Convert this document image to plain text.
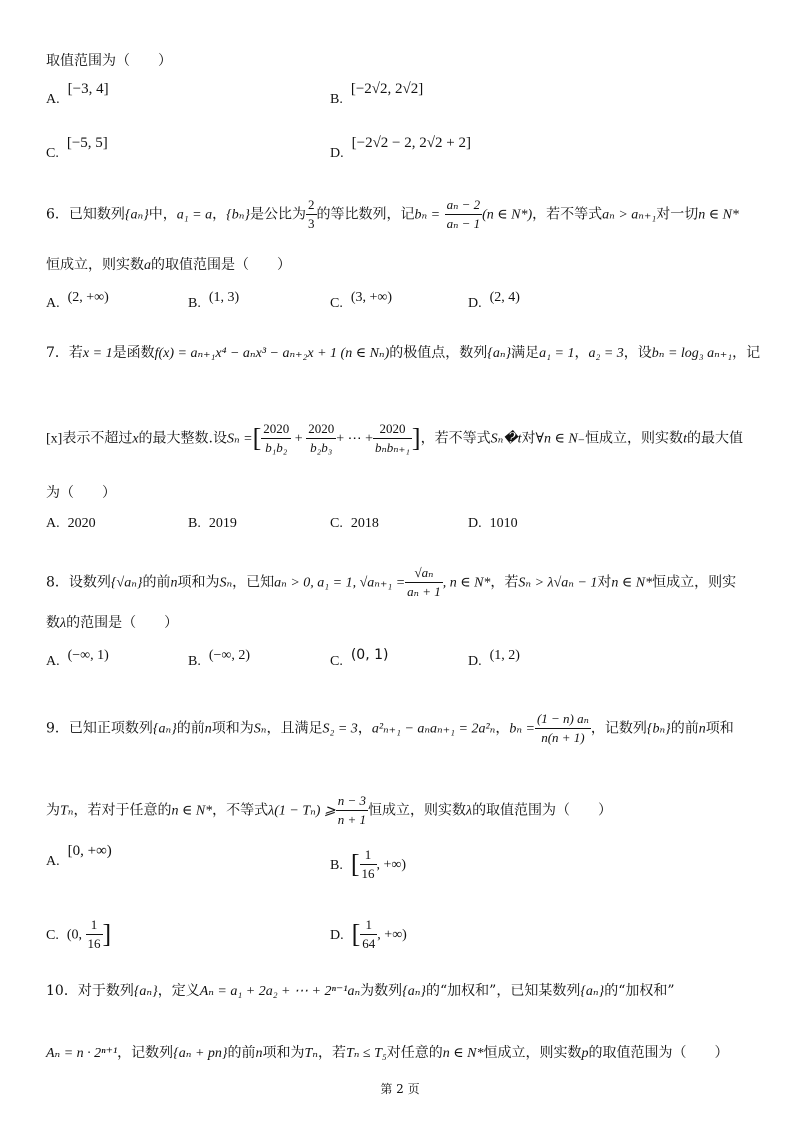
取值范围为（　　）
A.[−3, 4]
B.[−2√2, 2√2]
C.[−5, 5]
D.[−2√2 − 2, 2√2 + 2]
6．已知数列{aₙ}中，a₁ = a，{bₙ}是公比为 $\frac{2}{3}$ 的等比数列，记$b_n = \frac{\text{aₙ − 2}}{\text{aₙ − 1}} (n$ ∈ N*)，若不等式aₙ > aₙ₊₁对一切n ∈ N*
恒成立，则实数a的取值范围是（　　）
A. (2, +∞)	B. (1, 3)	C. (3, +∞)	D. (2, 4)
7．若x = 1是函数f(x) = aₙ₊₁x⁴ − aₙx³ − aₙ₊₂x + 1 (n ∈ Nₙ)的极值点，数列{aₙ}满足a₁ = 1，a₂ = 3，设bₙ = log₃ aₙ₊₁，记
[x]表示不超过x的最大整数.设Sₙ =[ $\frac{2020}{\text{b₁b₂}} + \frac{2020}{\text{b₂b₃}}$ + ⋯ + $\frac{2020}{\text{bₙbₙ₊₁}}$ ]，若不等式Sₙ�t对∀n ∈ N₋恒成立，则实数t的最大值
为（　　）
A. 2020	B. 2019	C. 2018	D. 1010
8．设数列{√aₙ}的前n项和为Sₙ，已知aₙ > 0, a₁ = 1, $√a_{n+1} = \frac{\text{√aₙ}}{\text{aₙ + 1}}$ , n ∈ N*，若Sₙ > λ√aₙ − 1对n ∈ N*恒成立，则实
数λ的范围是（　　）
A. (−∞, 1)	B. (−∞, 2)	C. (0, 1)	D. (1, 2)
9．已知正项数列{aₙ}的前n项和为Sₙ，且满足S₂ = 3，a²ₙ₊₁ − aₙaₙ₊₁ = 2a²ₙ，$b_n = \frac{\text{(1 − n) aₙ}}{n(n + 1)}$ ，记数列{bₙ}的前n项和
为Tₙ，若对于任意的n ∈ N*，不等式λ(1 − Tₙ) ⩾ $\frac{n - 3}{n + 1}$ 恒成立，则实数λ的取值范围为（　　）
A.[0, +∞)
B. [ $\frac{1}{16}$ , +∞)
C. (0, $\frac{1}{16}$ ]	D. [ $\frac{1}{64}$ , +∞)
10．对于数列{aₙ}，定义Aₙ = a₁ + 2a₂ + ⋯ + 2ⁿ⁻¹aₙ为数列{aₙ}的“加权和”，已知某数列{aₙ}的“加权和”
Aₙ = n · 2ⁿ⁺¹，记数列{aₙ + pn}的前n项和为Tₙ，若Tₙ ≤ T₅对任意的n ∈ N*恒成立，则实数p的取值范围为（　　）
第 2 页
